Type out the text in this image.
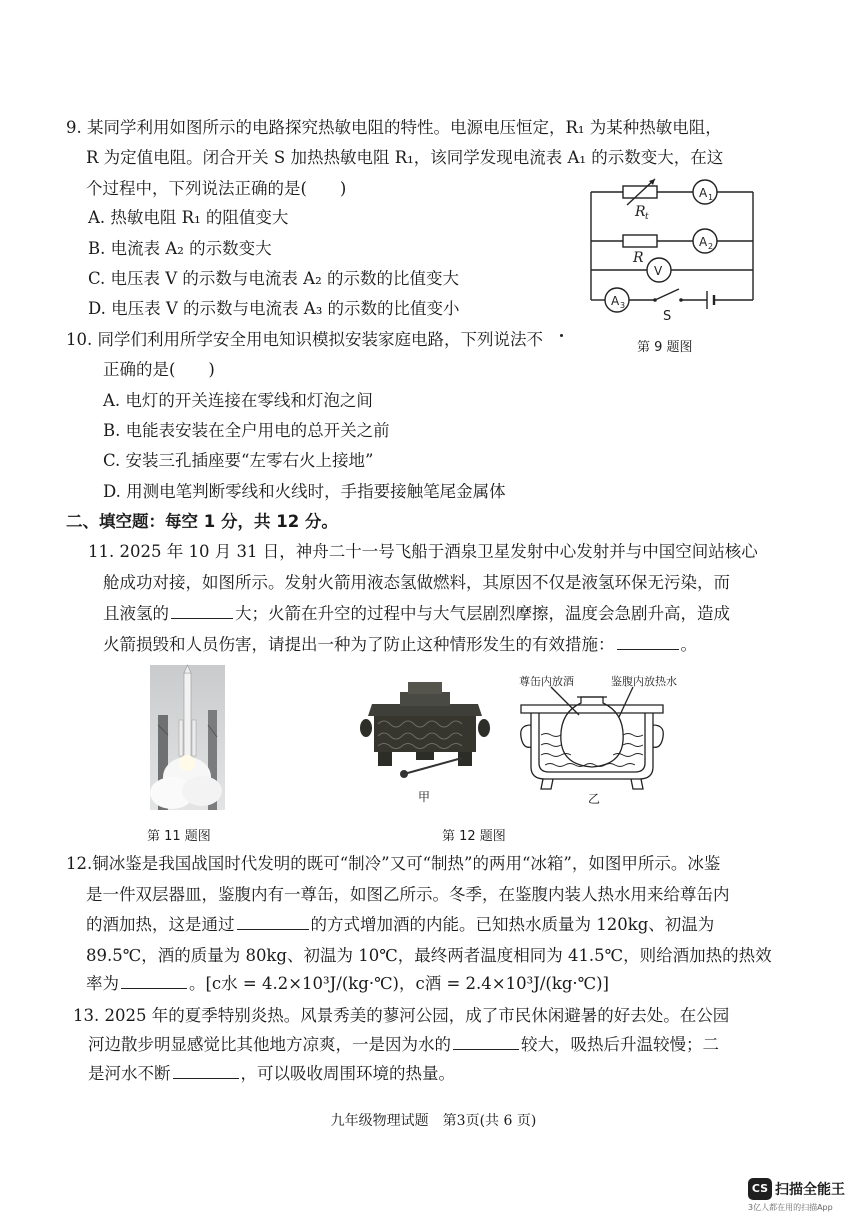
9. 某同学利用如图所示的电路探究热敏电阻的特性。电源电压恒定，R₁ 为某种热敏电阻，
R 为定值电阻。闭合开关 S 加热热敏电阻 R₁，该同学发现电流表 A₁ 的示数变大，在这
个过程中，下列说法正确的是(　　)
A. 热敏电阻 R₁ 的阻值变大
B. 电流表 A₂ 的示数变大
C. 电压表 V 的示数与电流表 A₂ 的示数的比值变大
D. 电压表 V 的示数与电流表 A₃ 的示数的比值变小
R t
R
A 1
A 2
V
A 3
S
第 9 题图
10. 同学们利用所学安全用电知识模拟安装家庭电路，下列说法不
正确的是(　　)
A. 电灯的开关连接在零线和灯泡之间
B. 电能表安装在全户用电的总开关之前
C. 安装三孔插座要“左零右火上接地”
D. 用测电笔判断零线和火线时，手指要接触笔尾金属体
二、填空题：每空 1 分，共 12 分。
11. 2025 年 10 月 31 日，神舟二十一号飞船于酒泉卫星发射中心发射并与中国空间站核心
舱成功对接，如图所示。发射火箭用液态氢做燃料，其原因不仅是液氢环保无污染，而
且液氢的	大；火箭在升空的过程中与大气层剧烈摩擦，温度会急剧升高，造成
火箭损毁和人员伤害，请提出一种为了防止这种情形发生的有效措施：	。
第 11 题图
甲
尊缶内放酒	鉴腹内放热水
乙
第 12 题图
12.铜冰鉴是我国战国时代发明的既可“制冷”又可“制热”的两用“冰箱”，如图甲所示。冰鉴
是一件双层器皿，鉴腹内有一尊缶，如图乙所示。冬季，在鉴腹内装人热水用来给尊缶内
的酒加热，这是通过	的方式增加酒的内能。已知热水质量为 120kg、初温为
89.5℃，酒的质量为 80kg、初温为 10℃，最终两者温度相同为 41.5℃，则给酒加热的热效
率为	。[c水 = 4.2×10³J/(kg·℃)，c酒 = 2.4×10³J/(kg·℃)]
13. 2025 年的夏季特别炎热。风景秀美的蓼河公园，成了市民休闲避暑的好去处。在公园
河边散步明显感觉比其他地方凉爽，一是因为水的	较大，吸热后升温较慢；二
是河水不断	，可以吸收周围环境的热量。
九年级物理试题　第3页(共 6 页)
CS 扫描全能王
3亿人都在用的扫描App
